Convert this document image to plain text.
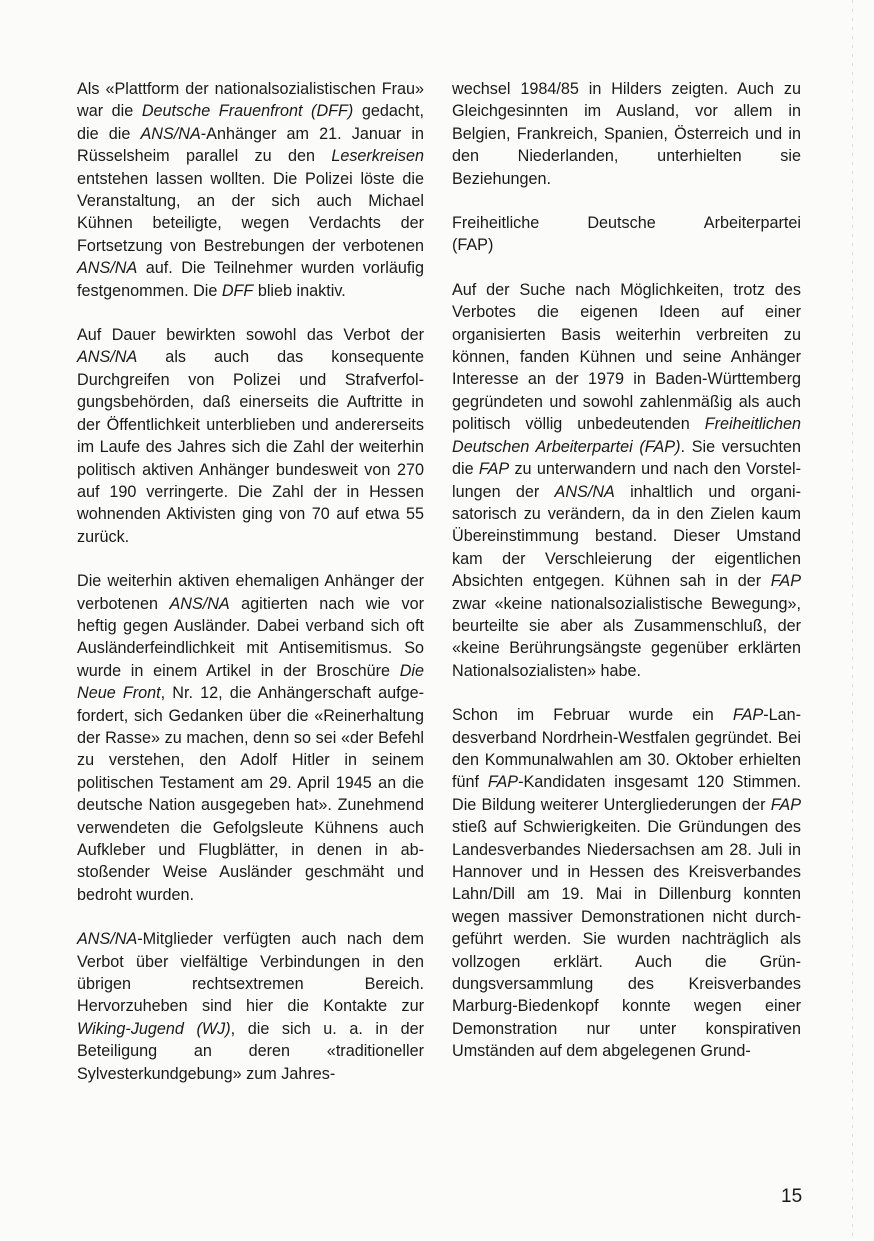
Als «Plattform der nationalsozialistischen Frau» war die Deutsche Frauenfront (DFF) gedacht, die die ANS/NA-Anhänger am 21. Januar in Rüsselsheim parallel zu den Leserkreisen entstehen lassen wollten. Die Polizei löste die Veranstaltung, an der sich auch Michael Kühnen beteiligte, wegen Verdachts der Fortsetzung von Bestrebungen der verbotenen ANS/NA auf. Die Teilnehmer wurden vorläufig festgenommen. Die DFF blieb inaktiv.

Auf Dauer bewirkten sowohl das Verbot der ANS/NA als auch das konsequente Durchgreifen von Polizei und Strafverfolgungsbehörden, daß einerseits die Auftritte in der Öffentlichkeit unterblieben und andererseits im Laufe des Jahres sich die Zahl der weiterhin politisch aktiven Anhänger bundesweit von 270 auf 190 verringerte. Die Zahl der in Hessen wohnenden Aktivisten ging von 70 auf etwa 55 zurück.

Die weiterhin aktiven ehemaligen Anhänger der verbotenen ANS/NA agitierten nach wie vor heftig gegen Ausländer. Dabei verband sich oft Ausländerfeindlichkeit mit Antisemitismus. So wurde in einem Artikel in der Broschüre Die Neue Front, Nr. 12, die Anhängerschaft aufgefordert, sich Gedanken über die «Reinerhaltung der Rasse» zu machen, denn so sei «der Befehl zu verstehen, den Adolf Hitler in seinem politischen Testament am 29. April 1945 an die deutsche Nation ausgegeben hat». Zunehmend verwendeten die Gefolgsleute Kühnens auch Aufkleber und Flugblätter, in denen in abstoßender Weise Ausländer geschmäht und bedroht wurden.

ANS/NA-Mitglieder verfügten auch nach dem Verbot über vielfältige Verbindungen in den übrigen rechtsextremen Bereich. Hervorzuheben sind hier die Kontakte zur Wiking-Jugend (WJ), die sich u. a. in der Beteiligung an deren «traditioneller Sylvesterkundgebung» zum Jahres-

wechsel 1984/85 in Hilders zeigten. Auch zu Gleichgesinnten im Ausland, vor allem in Belgien, Frankreich, Spanien, Österreich und in den Niederlanden, unterhielten sie Beziehungen.

Freiheitliche	Deutsche	Arbeiterpartei
(FAP)

Auf der Suche nach Möglichkeiten, trotz des Verbotes die eigenen Ideen auf einer organisierten Basis weiterhin verbreiten zu können, fanden Kühnen und seine Anhänger Interesse an der 1979 in Baden-Württemberg gegründeten und sowohl zahlenmäßig als auch politisch völlig unbedeutenden Freiheitlichen Deutschen Arbeiterpartei (FAP). Sie versuchten die FAP zu unterwandern und nach den Vorstellungen der ANS/NA inhaltlich und organisatorisch zu verändern, da in den Zielen kaum Übereinstimmung bestand. Dieser Umstand kam der Verschleierung der eigentlichen Absichten entgegen. Kühnen sah in der FAP zwar «keine nationalsozialistische Bewegung», beurteilte sie aber als Zusammenschluß, der «keine Berührungsängste gegenüber erklärten Nationalsozialisten» habe.

Schon im Februar wurde ein FAP-Landesverband Nordrhein-Westfalen gegründet. Bei den Kommunalwahlen am 30. Oktober erhielten fünf FAP-Kandidaten insgesamt 120 Stimmen. Die Bildung weiterer Untergliederungen der FAP stieß auf Schwierigkeiten. Die Gründungen des Landesverbandes Niedersachsen am 28. Juli in Hannover und in Hessen des Kreisverbandes Lahn/Dill am 19. Mai in Dillenburg konnten wegen massiver Demonstrationen nicht durchgeführt werden. Sie wurden nachträglich als vollzogen erklärt. Auch die Gründungsversammlung des Kreisverbandes Marburg-Biedenkopf konnte wegen einer Demonstration nur unter konspirativen Umständen auf dem abgelegenen Grund-

15
